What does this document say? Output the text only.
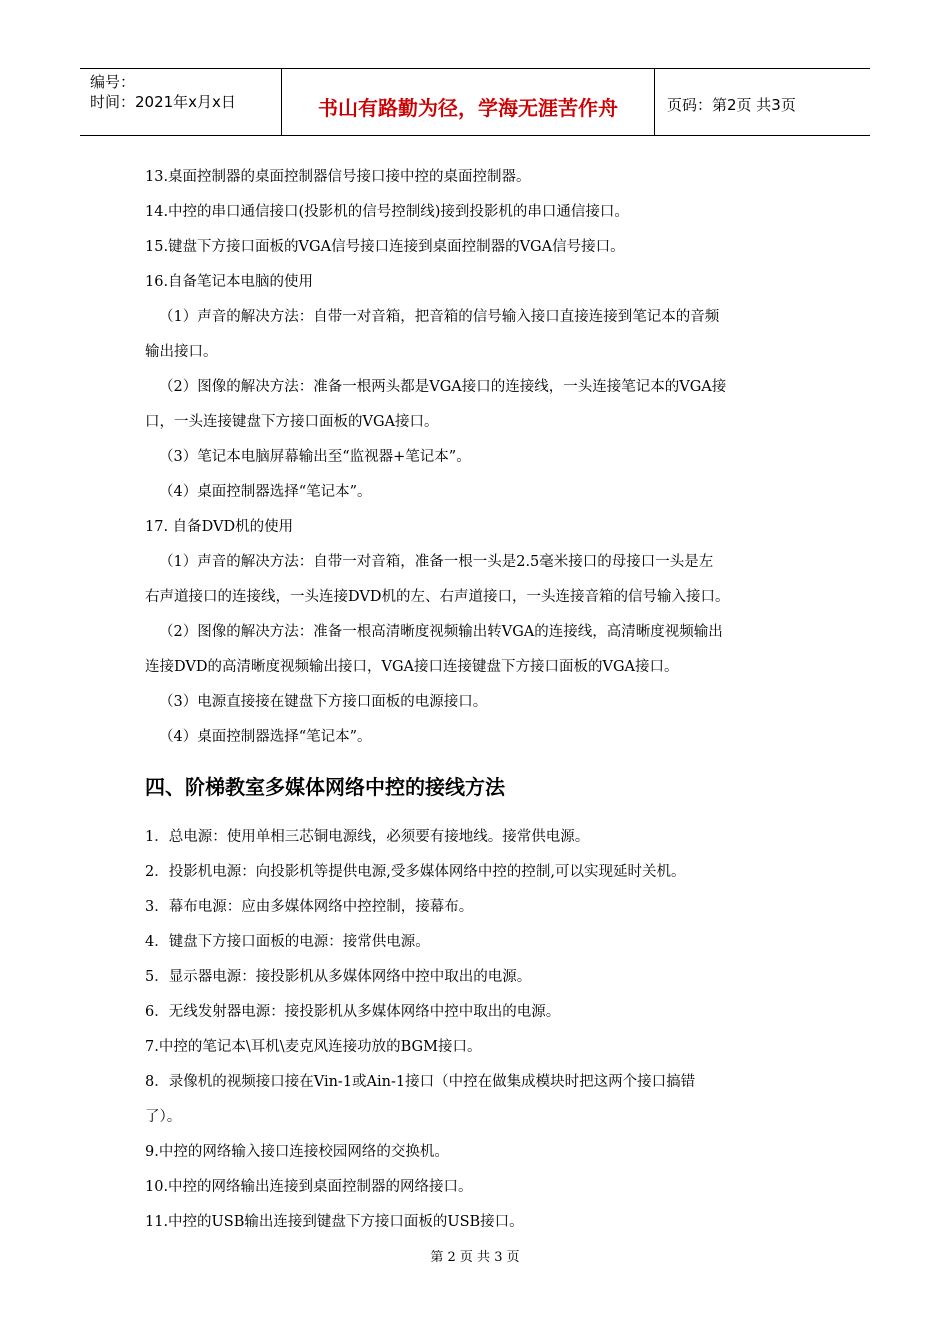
编号：
时间：2021年x月x日	书山有路勤为径，学海无涯苦作舟	页码：第2页 共3页
13.桌面控制器的桌面控制器信号接口接中控的桌面控制器。
14.中控的串口通信接口(投影机的信号控制线)接到投影机的串口通信接口。
15.键盘下方接口面板的VGA信号接口连接到桌面控制器的VGA信号接口。
16.自备笔记本电脑的使用
（1）声音的解决方法：自带一对音箱，把音箱的信号输入接口直接连接到笔记本的音频
输出接口。
（2）图像的解决方法：准备一根两头都是VGA接口的连接线，一头连接笔记本的VGA接
口，一头连接键盘下方接口面板的VGA接口。
（3）笔记本电脑屏幕输出至“监视器+笔记本”。
（4）桌面控制器选择“笔记本”。
17. 自备DVD机的使用
（1）声音的解决方法：自带一对音箱，准备一根一头是2.5毫米接口的母接口一头是左
右声道接口的连接线，一头连接DVD机的左、右声道接口，一头连接音箱的信号输入接口。
（2）图像的解决方法：准备一根高清晰度视频输出转VGA的连接线，高清晰度视频输出
连接DVD的高清晰度视频输出接口，VGA接口连接键盘下方接口面板的VGA接口。
（3）电源直接接在键盘下方接口面板的电源接口。
（4）桌面控制器选择“笔记本”。
四、阶梯教室多媒体网络中控的接线方法
1．总电源：使用单相三芯铜电源线，必须要有接地线。接常供电源。
2．投影机电源：向投影机等提供电源,受多媒体网络中控的控制,可以实现延时关机。
3．幕布电源：应由多媒体网络中控控制，接幕布。
4．键盘下方接口面板的电源：接常供电源。
5．显示器电源：接投影机从多媒体网络中控中取出的电源。
6．无线发射器电源：接投影机从多媒体网络中控中取出的电源。
7.中控的笔记本\耳机\麦克风连接功放的BGM接口。
8．录像机的视频接口接在Vin-1或Ain-1接口（中控在做集成模块时把这两个接口搞错
了）。
9.中控的网络输入接口连接校园网络的交换机。
10.中控的网络输出连接到桌面控制器的网络接口。
11.中控的USB输出连接到键盘下方接口面板的USB接口。
第 2 页 共 3 页
